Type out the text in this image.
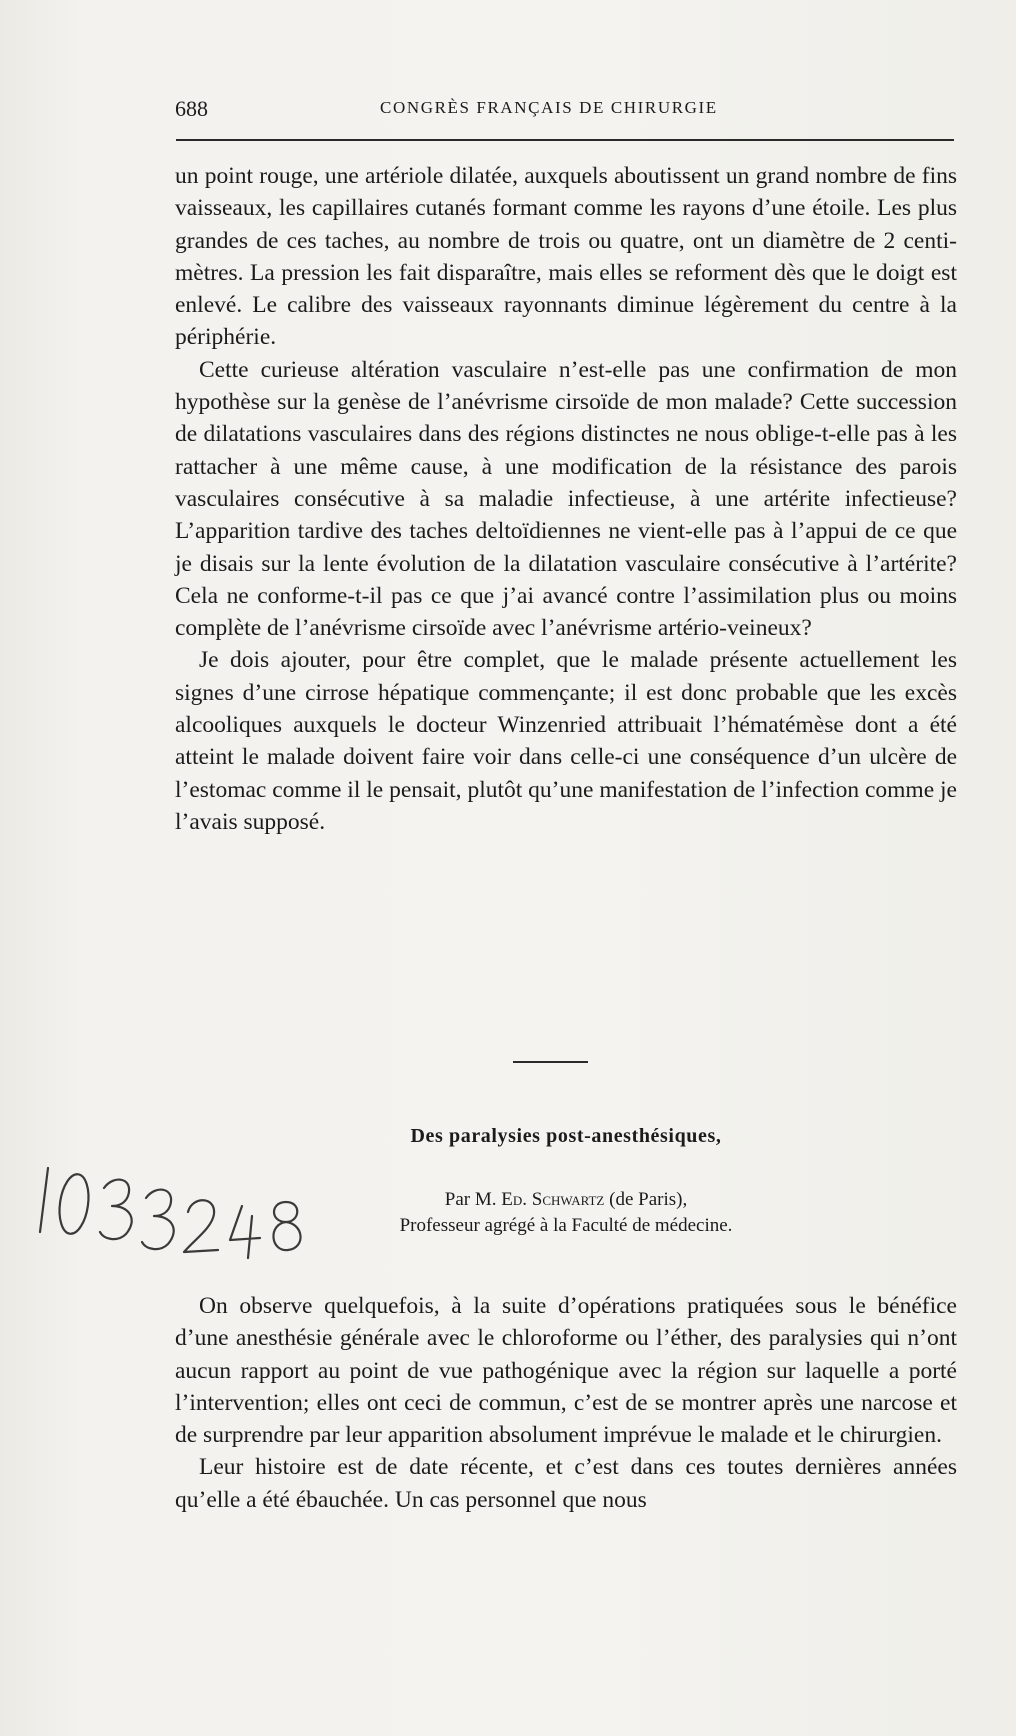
688	CONGRÈS FRANÇAIS DE CHIRURGIE

un point rouge, une artériole dilatée, auxquels aboutissent un grand nombre de fins vaisseaux, les capillaires cutanés formant comme les rayons d’une étoile. Les plus grandes de ces taches, au nombre de trois ou quatre, ont un diamètre de 2 centimètres. La pression les fait disparaître, mais elles se reforment dès que le doigt est enlevé. Le calibre des vaisseaux rayonnants diminue légèrement du centre à la périphérie.

Cette curieuse altération vasculaire n’est-elle pas une confirmation de mon hypothèse sur la genèse de l’anévrisme cirsoïde de mon malade? Cette succession de dilatations vasculaires dans des régions distinctes ne nous oblige-t-elle pas à les rattacher à une même cause, à une modification de la résistance des parois vasculaires consécutive à sa maladie infectieuse, à une artérite infectieuse? L’apparition tardive des taches deltoïdiennes ne vient-elle pas à l’appui de ce que je disais sur la lente évolution de la dilatation vasculaire consécutive à l’artérite? Cela ne conforme-t-il pas ce que j’ai avancé contre l’assimilation plus ou moins complète de l’anévrisme cirsoïde avec l’anévrisme artério-veineux?

Je dois ajouter, pour être complet, que le malade présente actuellement les signes d’une cirrose hépatique commençante; il est donc probable que les excès alcooliques auxquels le docteur Winzenried attribuait l’hématémèse dont a été atteint le malade doivent faire voir dans celle-ci une conséquence d’un ulcère de l’estomac comme il le pensait, plutôt qu’une manifestation de l’infection comme je l’avais supposé.

Des paralysies post-anesthésiques,
Par M. Ed. Schwartz (de Paris),
Professeur agrégé à la Faculté de médecine.

On observe quelquefois, à la suite d’opérations pratiquées sous le bénéfice d’une anesthésie générale avec le chloroforme ou l’éther, des paralysies qui n’ont aucun rapport au point de vue pathogénique avec la région sur laquelle a porté l’intervention; elles ont ceci de commun, c’est de se montrer après une narcose et de surprendre par leur apparition absolument imprévue le malade et le chirurgien.

Leur histoire est de date récente, et c’est dans ces toutes dernières années qu’elle a été ébauchée. Un cas personnel que nous
